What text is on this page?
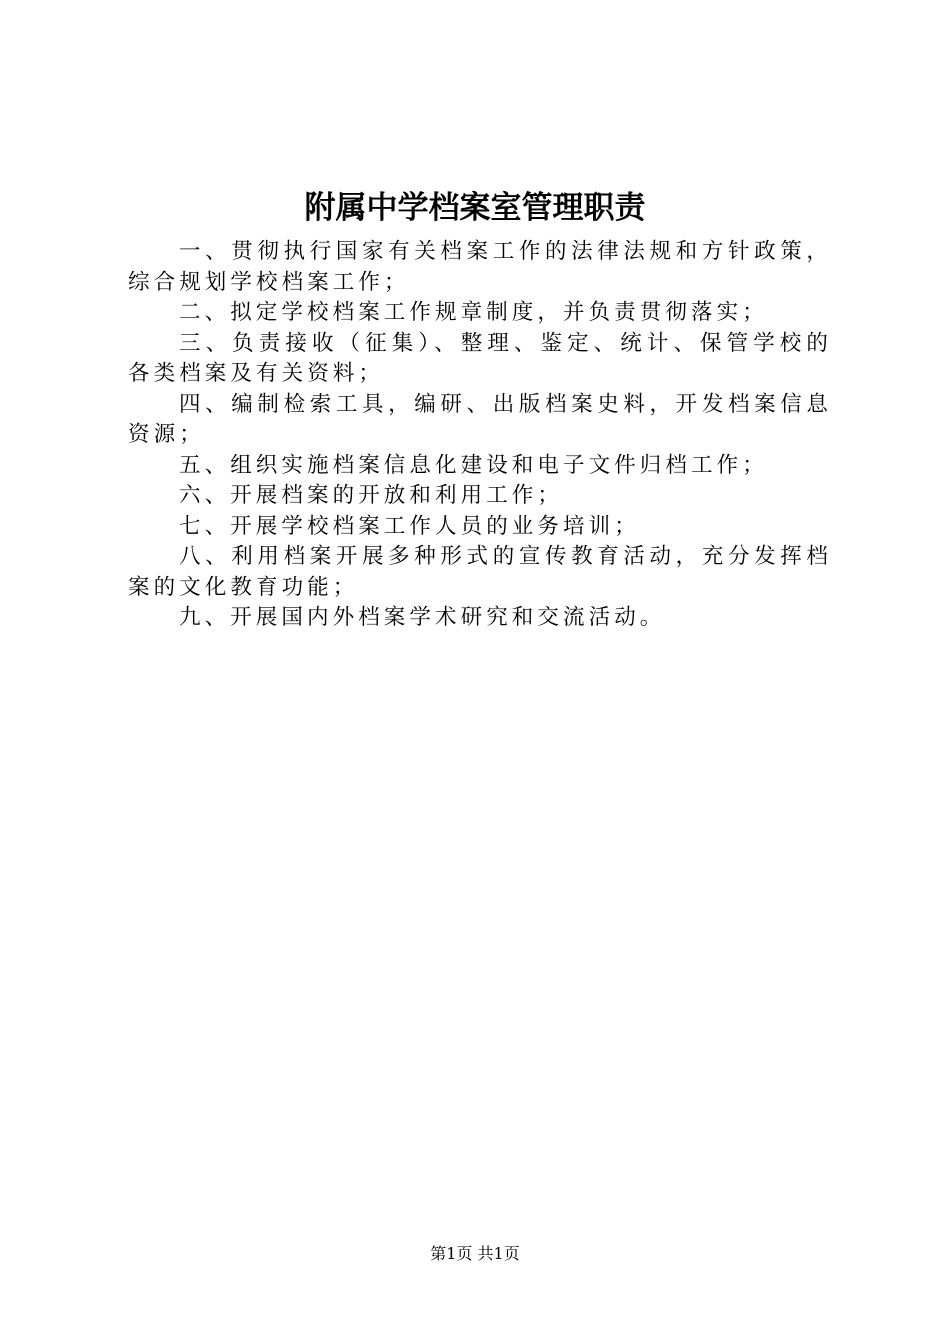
附属中学档案室管理职责

一、贯彻执行国家有关档案工作的法律法规和方针政策，综合规划学校档案工作；

二、拟定学校档案工作规章制度，并负责贯彻落实；

三、负责接收（征集）、整理、鉴定、统计、保管学校的各类档案及有关资料；

四、编制检索工具，编研、出版档案史料，开发档案信息资源；

五、组织实施档案信息化建设和电子文件归档工作；

六、开展档案的开放和利用工作；

七、开展学校档案工作人员的业务培训；

八、利用档案开展多种形式的宣传教育活动，充分发挥档案的文化教育功能；

九、开展国内外档案学术研究和交流活动。

第1页 共1页
